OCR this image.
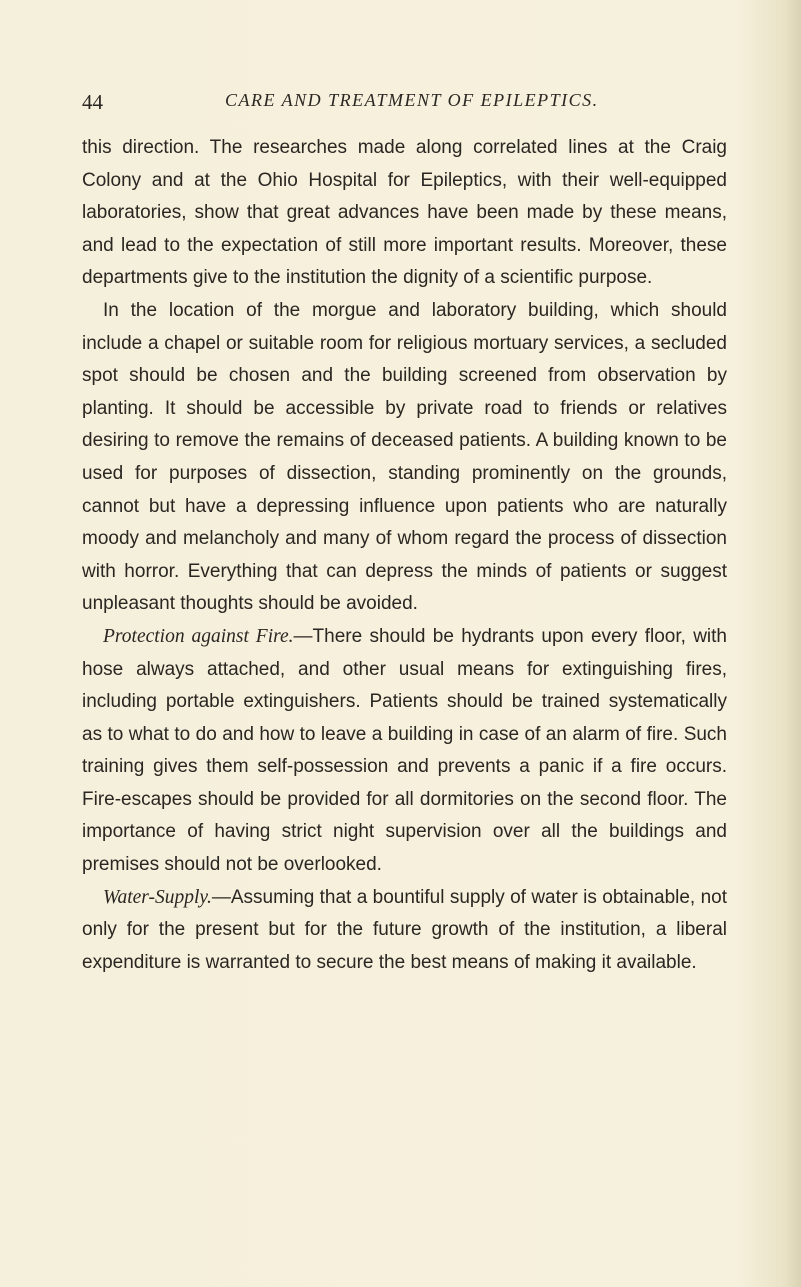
44	CARE AND TREATMENT OF EPILEPTICS.

this direction. The researches made along correlated lines at the Craig Colony and at the Ohio Hospital for Epileptics, with their well-equipped laboratories, show that great advances have been made by these means, and lead to the expectation of still more important results. Moreover, these departments give to the institution the dignity of a scientific purpose.

In the location of the morgue and laboratory building, which should include a chapel or suitable room for religious mortuary services, a secluded spot should be chosen and the building screened from observation by planting. It should be accessible by private road to friends or relatives desiring to remove the remains of deceased patients. A building known to be used for purposes of dissection, standing prominently on the grounds, cannot but have a depressing influence upon patients who are naturally moody and melancholy and many of whom regard the process of dissection with horror. Everything that can depress the minds of patients or suggest unpleasant thoughts should be avoided.

Protection against Fire.—There should be hydrants upon every floor, with hose always attached, and other usual means for extinguishing fires, including portable extinguishers. Patients should be trained systematically as to what to do and how to leave a building in case of an alarm of fire. Such training gives them self-possession and prevents a panic if a fire occurs. Fire-escapes should be provided for all dormitories on the second floor. The importance of having strict night supervision over all the buildings and premises should not be overlooked.

Water-Supply.—Assuming that a bountiful supply of water is obtainable, not only for the present but for the future growth of the institution, a liberal expenditure is warranted to secure the best means of making it available.
